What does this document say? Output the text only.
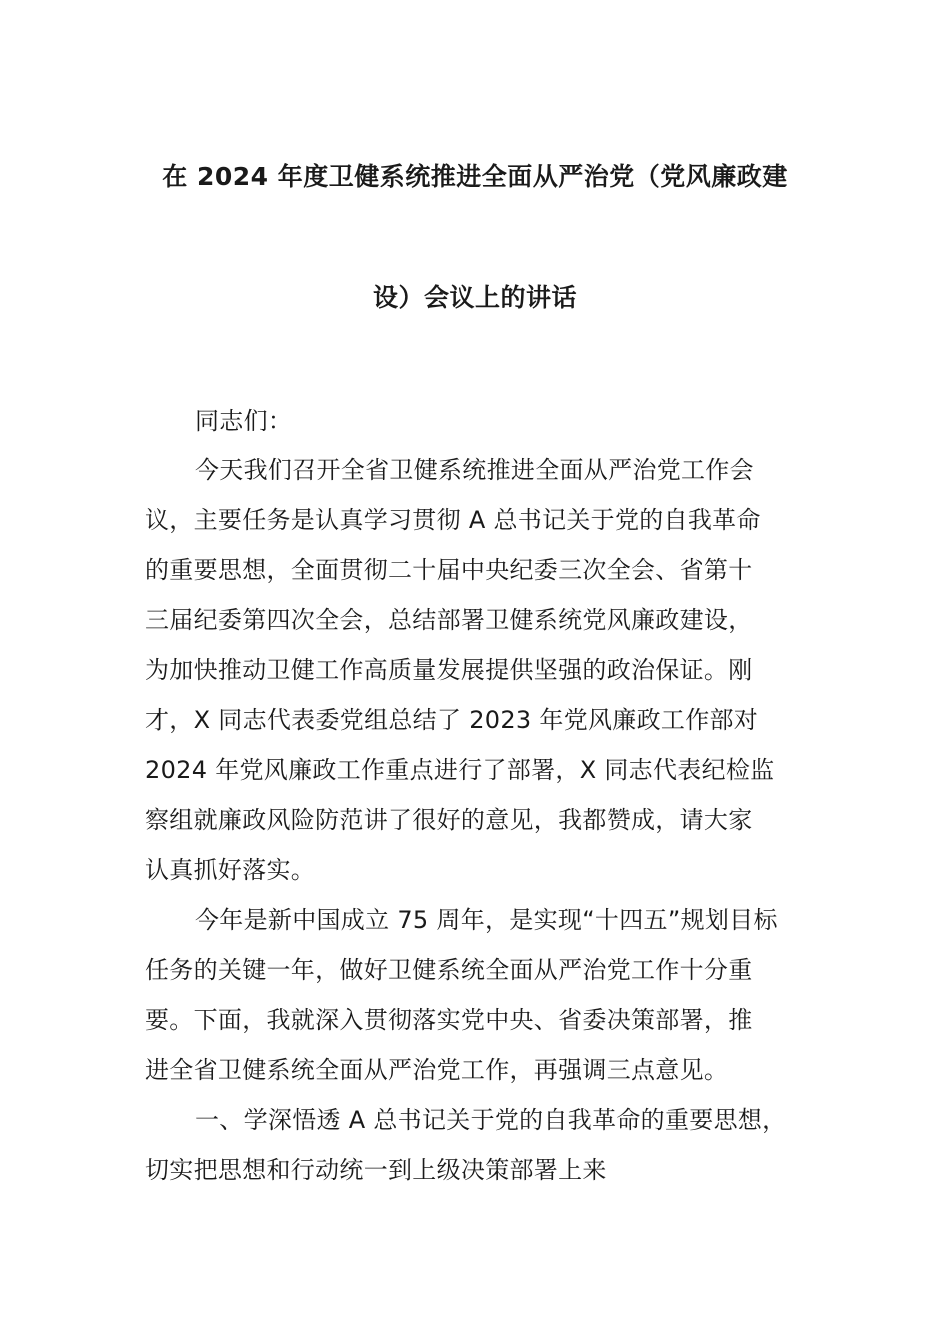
在 2024 年度卫健系统推进全面从严治党（党风廉政建
设）会议上的讲话
同志们：
今天我们召开全省卫健系统推进全面从严治党工作会
议，主要任务是认真学习贯彻 A 总书记关于党的自我革命
的重要思想，全面贯彻二十届中央纪委三次全会、省第十
三届纪委第四次全会，总结部署卫健系统党风廉政建设，
为加快推动卫健工作高质量发展提供坚强的政治保证。刚
才，X 同志代表委党组总结了 2023 年党风廉政工作部对
2024 年党风廉政工作重点进行了部署，X 同志代表纪检监
察组就廉政风险防范讲了很好的意见，我都赞成，请大家
认真抓好落实。
今年是新中国成立 75 周年，是实现“十四五”规划目标
任务的关键一年，做好卫健系统全面从严治党工作十分重
要。下面，我就深入贯彻落实党中央、省委决策部署，推
进全省卫健系统全面从严治党工作，再强调三点意见。
一、学深悟透 A 总书记关于党的自我革命的重要思想，
切实把思想和行动统一到上级决策部署上来
